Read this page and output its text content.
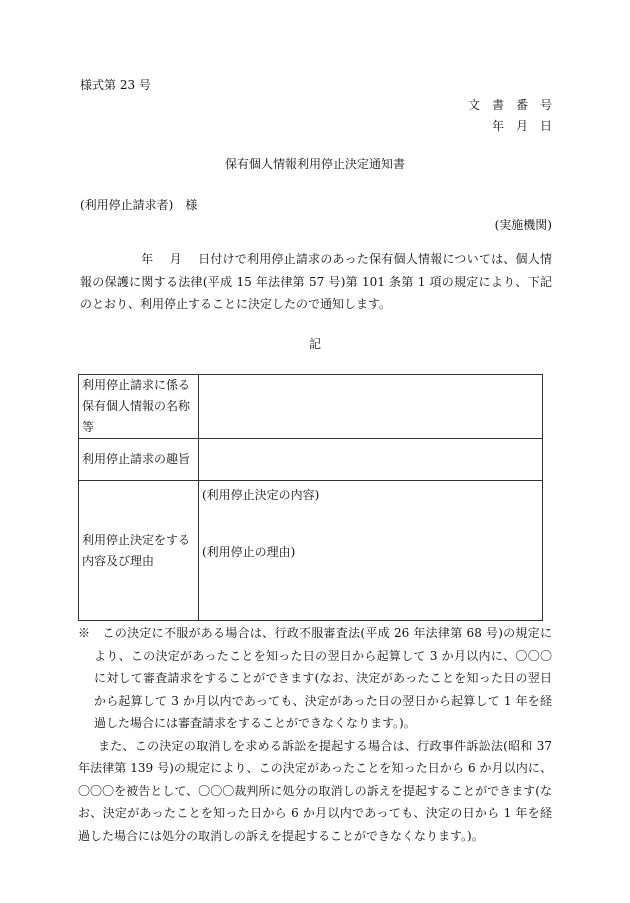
様式第 23 号
文　書　番　号
年　月　日
保有個人情報利用停止決定通知書
(利用停止請求者)　様
(実施機関)
　　　　　年　 月　 日付けで利用停止請求のあった保有個人情報については、個人情報の保護に関する法律(平成 15 年法律第 57 号)第 101 条第 1 項の規定により、下記のとおり、利用停止することに決定したので通知します。
記
利用停止請求に係る保有個人情報の名称等	
利用停止請求の趣旨	
利用停止決定をする内容及び理由	(利用停止決定の内容)
(利用停止の理由)
※　この決定に不服がある場合は、行政不服審査法(平成 26 年法律第 68 号)の規定により、この決定があったことを知った日の翌日から起算して 3 か月以内に、〇〇〇に対して審査請求をすることができます(なお、決定があったことを知った日の翌日から起算して 3 か月以内であっても、決定があった日の翌日から起算して 1 年を経過した場合には審査請求をすることができなくなります。)。
また、この決定の取消しを求める訴訟を提起する場合は、行政事件訴訟法(昭和 37 年法律第 139 号)の規定により、この決定があったことを知った日から 6 か月以内に、〇〇〇を被告として、〇〇〇裁判所に処分の取消しの訴えを提起することができます(なお、決定があったことを知った日から 6 か月以内であっても、決定の日から 1 年を経過した場合には処分の取消しの訴えを提起することができなくなります。)。
